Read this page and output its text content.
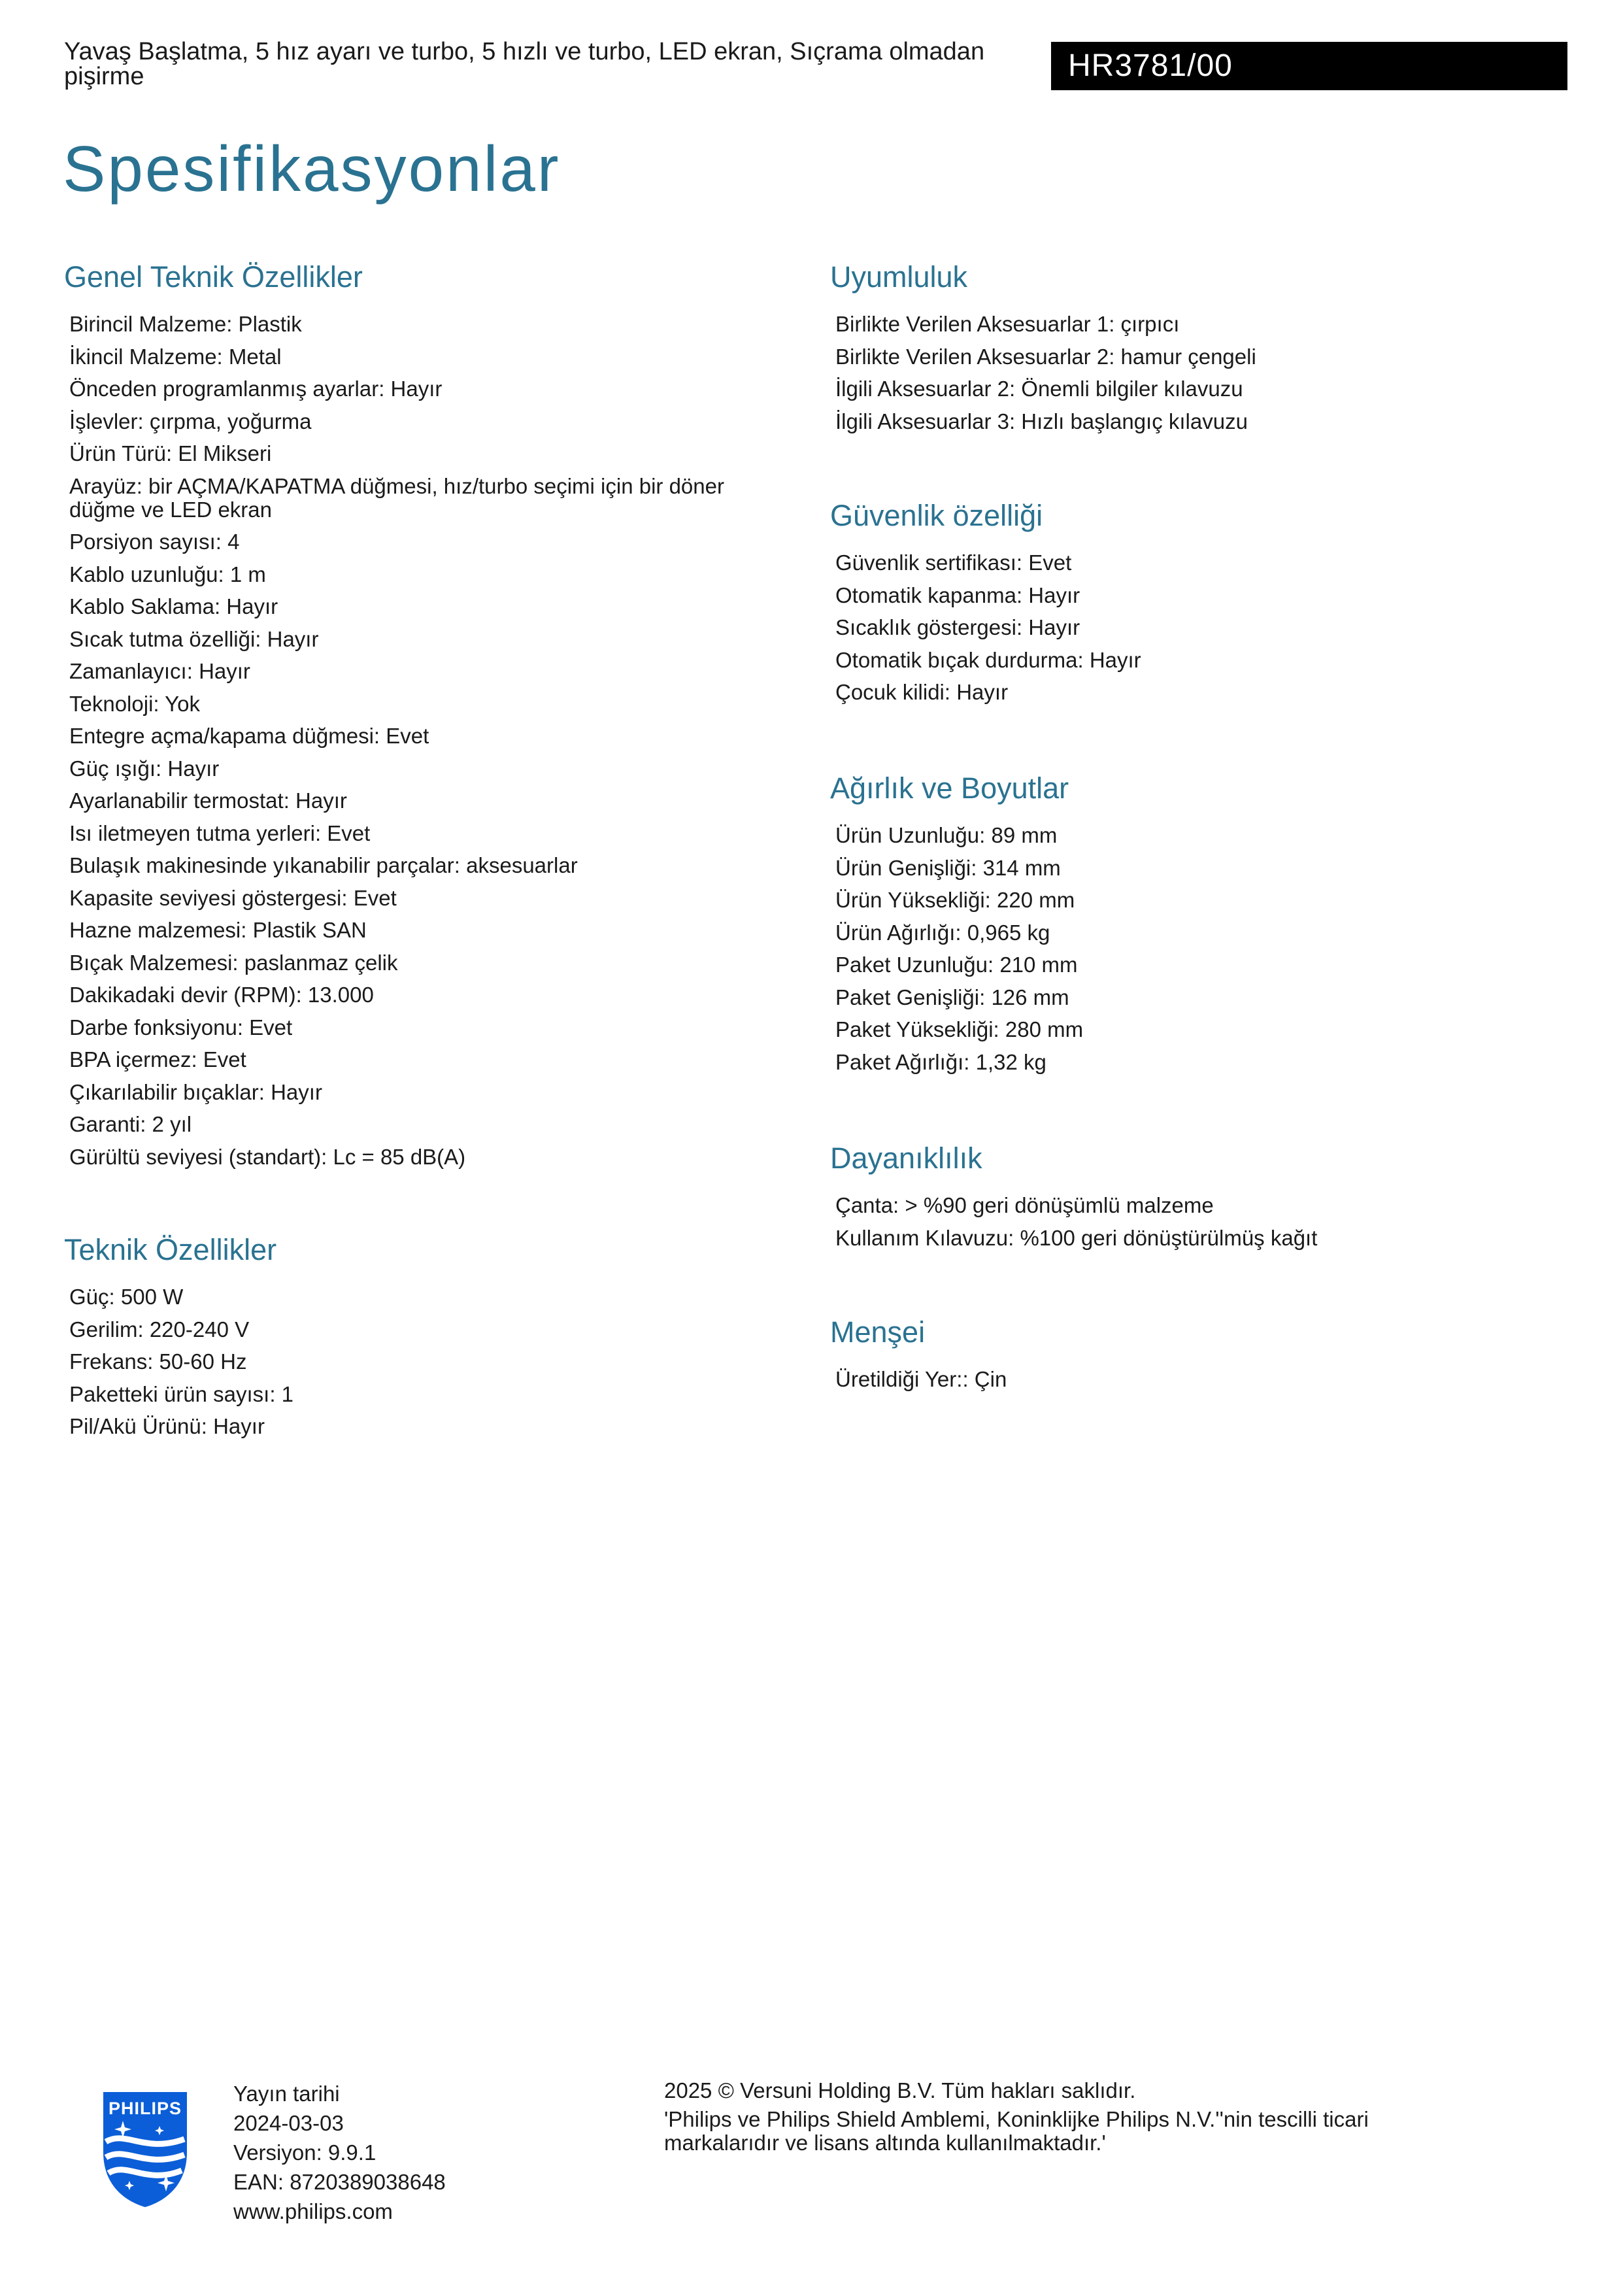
Yavaş Başlatma, 5 hız ayarı ve turbo, 5 hızlı ve turbo, LED ekran, Sıçrama olmadan pişirme	HR3781/00
Spesifikasyonlar
Genel Teknik Özellikler
Birincil Malzeme: Plastik
İkincil Malzeme: Metal
Önceden programlanmış ayarlar: Hayır
İşlevler: çırpma, yoğurma
Ürün Türü: El Mikseri
Arayüz: bir AÇMA/KAPATMA düğmesi, hız/turbo seçimi için bir döner düğme ve LED ekran
Porsiyon sayısı: 4
Kablo uzunluğu: 1 m
Kablo Saklama: Hayır
Sıcak tutma özelliği: Hayır
Zamanlayıcı: Hayır
Teknoloji: Yok
Entegre açma/kapama düğmesi: Evet
Güç ışığı: Hayır
Ayarlanabilir termostat: Hayır
Isı iletmeyen tutma yerleri: Evet
Bulaşık makinesinde yıkanabilir parçalar: aksesuarlar
Kapasite seviyesi göstergesi: Evet
Hazne malzemesi: Plastik SAN
Bıçak Malzemesi: paslanmaz çelik
Dakikadaki devir (RPM): 13.000
Darbe fonksiyonu: Evet
BPA içermez: Evet
Çıkarılabilir bıçaklar: Hayır
Garanti: 2 yıl
Gürültü seviyesi (standart): Lc = 85 dB(A)
Teknik Özellikler
Güç: 500 W
Gerilim: 220-240 V
Frekans: 50-60 Hz
Paketteki ürün sayısı: 1
Pil/Akü Ürünü: Hayır
Uyumluluk
Birlikte Verilen Aksesuarlar 1: çırpıcı
Birlikte Verilen Aksesuarlar 2: hamur çengeli
İlgili Aksesuarlar 2: Önemli bilgiler kılavuzu
İlgili Aksesuarlar 3: Hızlı başlangıç kılavuzu
Güvenlik özelliği
Güvenlik sertifikası: Evet
Otomatik kapanma: Hayır
Sıcaklık göstergesi: Hayır
Otomatik bıçak durdurma: Hayır
Çocuk kilidi: Hayır
Ağırlık ve Boyutlar
Ürün Uzunluğu: 89 mm
Ürün Genişliği: 314 mm
Ürün Yüksekliği: 220 mm
Ürün Ağırlığı: 0,965 kg
Paket Uzunluğu: 210 mm
Paket Genişliği: 126 mm
Paket Yüksekliği: 280 mm
Paket Ağırlığı: 1,32 kg
Dayanıklılık
Çanta: > %90 geri dönüşümlü malzeme
Kullanım Kılavuzu: %100 geri dönüştürülmüş kağıt
Menşei
Üretildiği Yer:: Çin
PHILIPS
Yayın tarihi
2024-03-03
Versiyon: 9.9.1
EAN: 8720389038648
www.philips.com
2025 © Versuni Holding B.V. Tüm hakları saklıdır.
'Philips ve Philips Shield Amblemi, Koninklijke Philips N.V.''nin tescilli ticari markalarıdır ve lisans altında kullanılmaktadır.'
